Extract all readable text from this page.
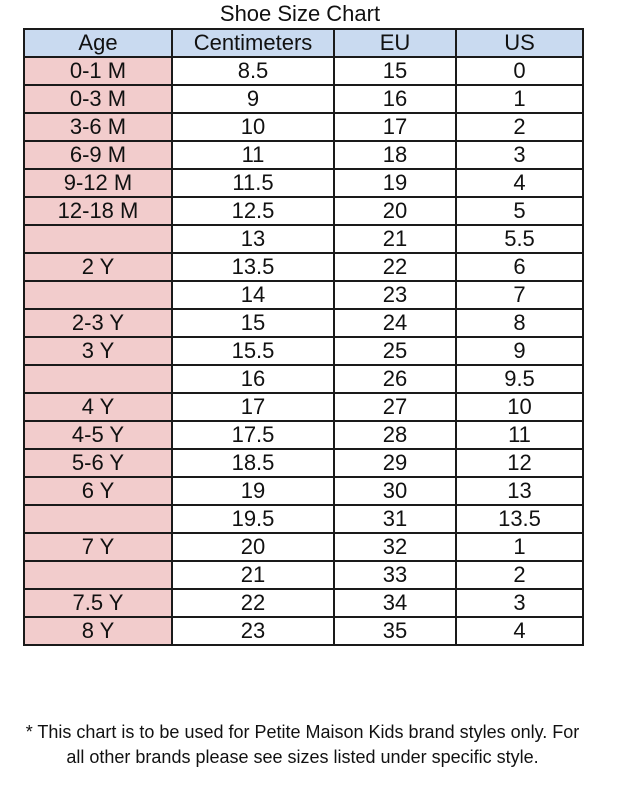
Shoe Size Chart
Age	Centimeters	EU	US
0-1 M	8.5	15	0
0-3 M	9	16	1
3-6 M	10	17	2
6-9 M	11	18	3
9-12 M	11.5	19	4
12-18 M	12.5	20	5
	13	21	5.5
2 Y	13.5	22	6
	14	23	7
2-3 Y	15	24	8
3 Y	15.5	25	9
	16	26	9.5
4 Y	17	27	10
4-5 Y	17.5	28	11
5-6 Y	18.5	29	12
6 Y	19	30	13
	19.5	31	13.5
7 Y	20	32	1
	21	33	2
7.5 Y	22	34	3
8 Y	23	35	4
* This chart is to be used for Petite Maison Kids brand styles only. For all other brands please see sizes listed under specific style.
